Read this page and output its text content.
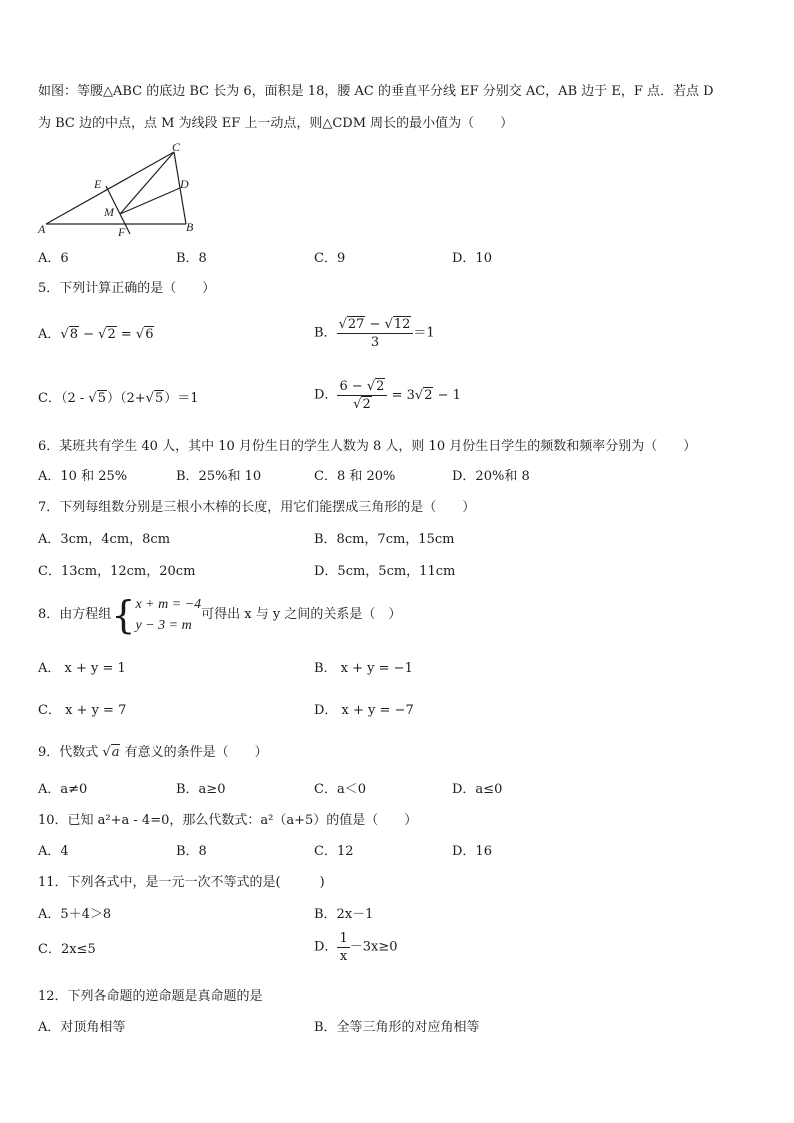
如图：等腰△ABC 的底边 BC 长为 6，面积是 18，腰 AC 的垂直平分线 EF 分别交 AC，AB 边于 E，F 点．若点 D
为 BC 边的中点，点 M 为线段 EF 上一动点，则△CDM 周长的最小值为（　　）
C
D
E
M
A	F	B
A．6	B．8	C．9	D．10
5．下列计算正确的是（　　）
A．√8 − √2 = √6	B． $\frac{√27 - √12}{3} =1$
C．（2 - √5）（2+√5）＝1	D． $\frac{6 - √2}{√2} = 3√2 - 1$
6．某班共有学生 40 人，其中 10 月份生日的学生人数为 8 人，则 10 月份生日学生的频数和频率分别为（　　）
A．10 和 25%	B．25%和 10	C．8 和 20%	D．20%和 8
7．下列每组数分别是三根小木棒的长度，用它们能摆成三角形的是（　　）
A．3cm，4cm，8cm	B．8cm，7cm，15cm
C．13cm，12cm，20cm	D．5cm，5cm，11cm
8．由方程组{ x + m = −4
y − 3 = m
可得出 x 与 y 之间的关系是（　）
A． x + y = 1	B． x + y = −1
C． x + y = 7	D． x + y = −7
9．代数式 √a 有意义的条件是（　　）
A．a≠0	B．a≥0	C．a＜0	D．a≤0
10．已知 a²+a - 4=0，那么代数式：a²（a+5）的值是（　　）
A．4	B．8	C．12	D．16
11．下列各式中，是一元一次不等式的是(　　　)
A．5＋4＞8	B．2x－1
C．2x≤5	D． $\frac{1}{x} -3x\ge 0$
12．下列各命题的逆命题是真命题的是
A．对顶角相等	B．全等三角形的对应角相等
